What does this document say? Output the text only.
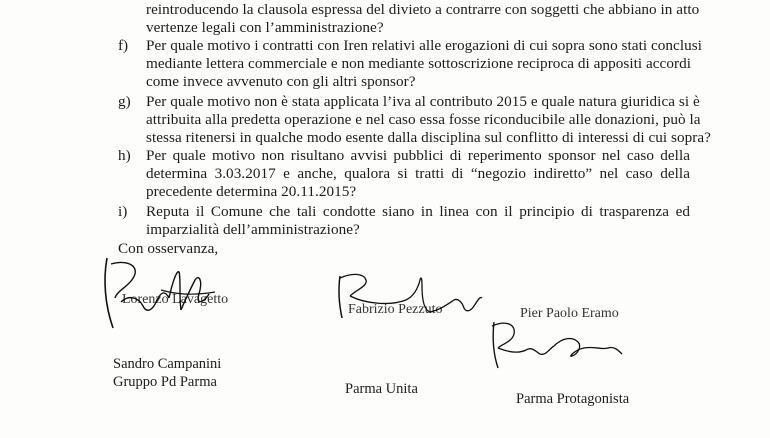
reintroducendo la clausola espressa del divieto a contrarre con soggetti che abbiano in atto
vertenze legali con l’amministrazione?
f) Per quale motivo i contratti con Iren relativi alle erogazioni di cui sopra sono stati conclusi
mediante lettera commerciale e non mediante sottoscrizione reciproca di appositi accordi
come invece avvenuto con gli altri sponsor?
g) Per quale motivo non è stata applicata l’iva al contributo 2015 e quale natura giuridica si è
attribuita alla predetta operazione e nel caso essa fosse riconducibile alle donazioni, può la
stessa ritenersi in qualche modo esente dalla disciplina sul conflitto di interessi di cui sopra?
h) Per quale motivo non risultano avvisi pubblici di reperimento sponsor nel caso della
determina 3.03.2017 e anche, qualora si tratti di “negozio indiretto” nel caso della
precedente determina 20.11.2015?
i) Reputa il Comune che tali condotte siano in linea con il principio di trasparenza ed
imparzialità dell’amministrazione?
Con osservanza,
Lorenzo Lavagetto
Fabrizio Pezzuto	Pier Paolo Eramo
Sandro Campanini
Gruppo Pd Parma	Parma Unita
Parma Protagonista
